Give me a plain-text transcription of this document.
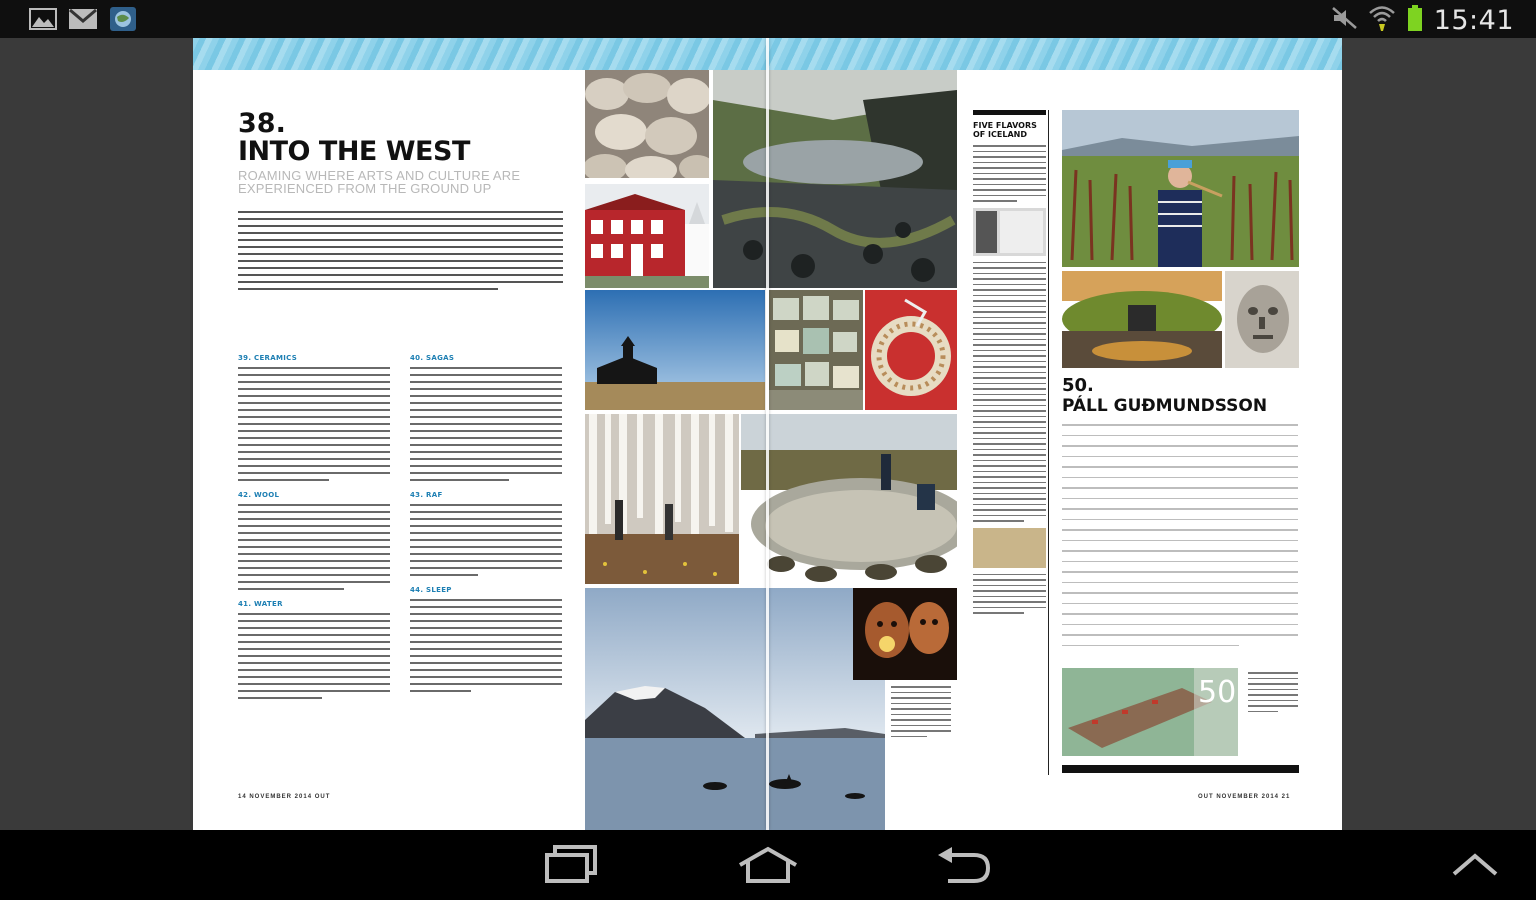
15:41
38.
INTO THE WEST
ROAMING WHERE ARTS AND CULTURE ARE EXPERIENCED FROM THE GROUND UP
39. CERAMICS
42. WOOL
41. WATER
40. SAGAS
43. RAF
44. SLEEP
14 NOVEMBER 2014 OUT
FIVE FLAVORS OF ICELAND
50.
PÁLL GUÐMUNDSSON
50
OUT NOVEMBER 2014 21
